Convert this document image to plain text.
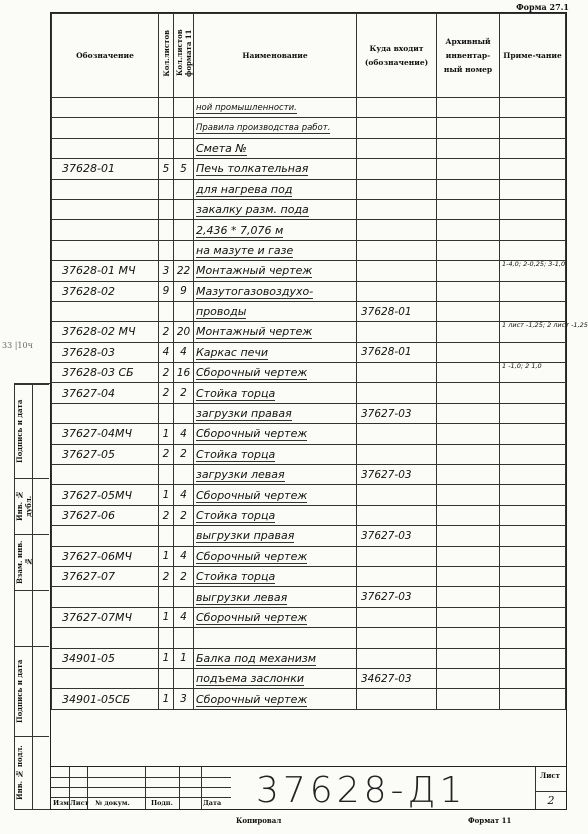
Форма 27.1
33 |10ч
Подпись и дата
Инв. № дубл.
Взам. инв. №
Подпись и дата
Инв. № подл.
Обозначение	Кол.листов	Кол.листов формата 11	Наименование	Куда входит (обозначение)	Архивный инвентар-ный номер	Приме-чание
			ной промышленности.			
			Правила производства работ.			
			Смета №			
37628-01	5	5	Печь толкательная			
			для нагрева под			
			закалку разм. пода			
			2,436 * 7,076 м			
			на мазуте и газе			
37628-01 МЧ	3	22	Монтажный чертеж			1-4,0; 2-0,25; 3-1,0
37628-02	9	9	Мазутогазовоздухо-			
			проводы	37628-01		
37628-02 МЧ	2	20	Монтажный чертеж			1 лист -1,25; 2 лист -1,25
37628-03	4	4	Каркас печи	37628-01		
37628-03 СБ	2	16	Сборочный чертеж			1 -1,0; 2 1,0
37627-04	2	2	Стойка торца			
			загрузки правая	37627-03		
37627-04МЧ	1	4	Сборочный чертеж			
37627-05	2	2	Стойка торца			
			загрузки левая	37627-03		
37627-05МЧ	1	4	Сборочный чертеж			
37627-06	2	2	Стойка торца			
			выгрузки правая	37627-03		
37627-06МЧ	1	4	Сборочный чертеж			
37627-07	2	2	Стойка торца			
			выгрузки левая	37627-03		
37627-07МЧ	1	4	Сборочный чертеж			

34901-05	1	1	Балка под механизм			
			подъема заслонки	34627-03		
34901-05СБ	1	3	Сборочный чертеж			
Изм Лист № докум.	Подп.	Дата 37628-Д1	Лист
2
Копировал	Формат 11
